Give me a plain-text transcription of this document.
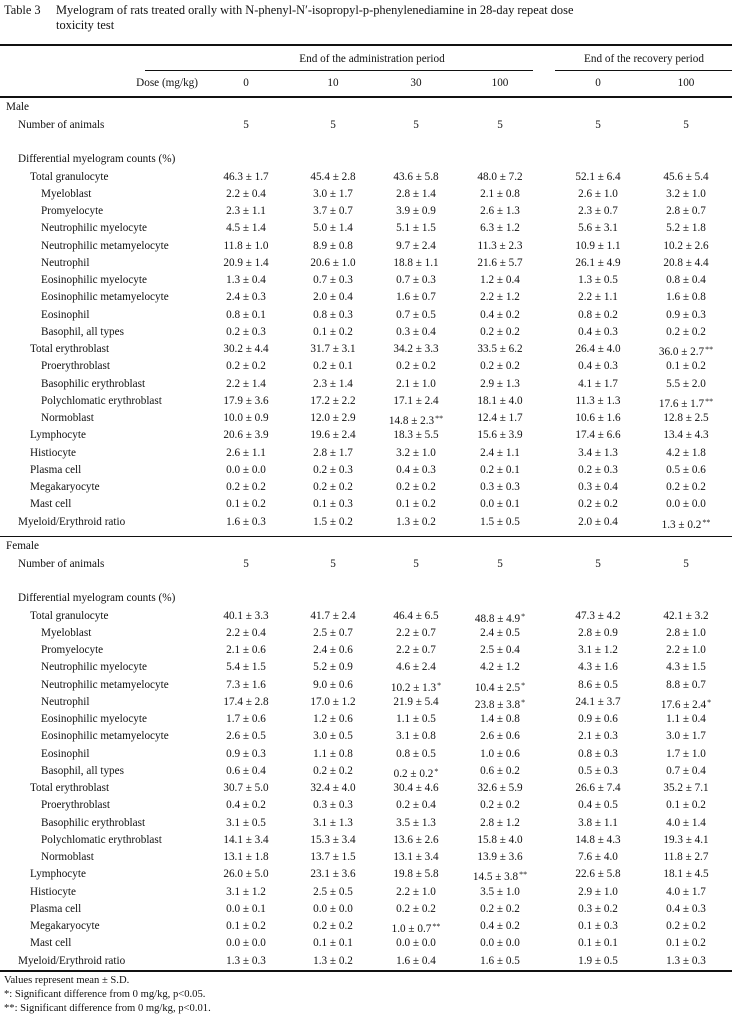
Table 3 Myelogram of rats treated orally with N-phenyl-N′-isopropyl-p-phenylenediamine in 28-day repeat dose
toxicity test
End of the administration period	End of the recovery period
Dose (mg/kg)	0	10	30	100	0	100
Male
Number of animals	5	5	5	5	5	5
Differential myelogram counts (%)
Total granulocyte	46.3 ± 1.7	45.4 ± 2.8	43.6 ± 5.8	48.0 ± 7.2	52.1 ± 6.4	45.6 ± 5.4
Myeloblast	2.2 ± 0.4	3.0 ± 1.7	2.8 ± 1.4	2.1 ± 0.8	2.6 ± 1.0	3.2 ± 1.0
Promyelocyte	2.3 ± 1.1	3.7 ± 0.7	3.9 ± 0.9	2.6 ± 1.3	2.3 ± 0.7	2.8 ± 0.7
Neutrophilic myelocyte	4.5 ± 1.4	5.0 ± 1.4	5.1 ± 1.5	6.3 ± 1.2	5.6 ± 3.1	5.2 ± 1.8
Neutrophilic metamyelocyte	11.8 ± 1.0	8.9 ± 0.8	9.7 ± 2.4	11.3 ± 2.3	10.9 ± 1.1	10.2 ± 2.6
Neutrophil	20.9 ± 1.4	20.6 ± 1.0	18.8 ± 1.1	21.6 ± 5.7	26.1 ± 4.9	20.8 ± 4.4
Eosinophilic myelocyte	1.3 ± 0.4	0.7 ± 0.3	0.7 ± 0.3	1.2 ± 0.4	1.3 ± 0.5	0.8 ± 0.4
Eosinophilic metamyelocyte	2.4 ± 0.3	2.0 ± 0.4	1.6 ± 0.7	2.2 ± 1.2	2.2 ± 1.1	1.6 ± 0.8
Eosinophil	0.8 ± 0.1	0.8 ± 0.3	0.7 ± 0.5	0.4 ± 0.2	0.8 ± 0.2	0.9 ± 0.3
Basophil, all types	0.2 ± 0.3	0.1 ± 0.2	0.3 ± 0.4	0.2 ± 0.2	0.4 ± 0.3	0.2 ± 0.2
Total erythroblast	30.2 ± 4.4	31.7 ± 3.1	34.2 ± 3.3	33.5 ± 6.2	26.4 ± 4.0	36.0 ± 2.7**
Proerythroblast	0.2 ± 0.2	0.2 ± 0.1	0.2 ± 0.2	0.2 ± 0.2	0.4 ± 0.3	0.1 ± 0.2
Basophilic erythroblast	2.2 ± 1.4	2.3 ± 1.4	2.1 ± 1.0	2.9 ± 1.3	4.1 ± 1.7	5.5 ± 2.0
Polychlomatic erythroblast	17.9 ± 3.6	17.2 ± 2.2	17.1 ± 2.4	18.1 ± 4.0	11.3 ± 1.3	17.6 ± 1.7**
Normoblast	10.0 ± 0.9	12.0 ± 2.9	14.8 ± 2.3**	12.4 ± 1.7	10.6 ± 1.6	12.8 ± 2.5
Lymphocyte	20.6 ± 3.9	19.6 ± 2.4	18.3 ± 5.5	15.6 ± 3.9	17.4 ± 6.6	13.4 ± 4.3
Histiocyte	2.6 ± 1.1	2.8 ± 1.7	3.2 ± 1.0	2.4 ± 1.1	3.4 ± 1.3	4.2 ± 1.8
Plasma cell	0.0 ± 0.0	0.2 ± 0.3	0.4 ± 0.3	0.2 ± 0.1	0.2 ± 0.3	0.5 ± 0.6
Megakaryocyte	0.2 ± 0.2	0.2 ± 0.2	0.2 ± 0.2	0.3 ± 0.3	0.3 ± 0.4	0.2 ± 0.2
Mast cell	0.1 ± 0.2	0.1 ± 0.3	0.1 ± 0.2	0.0 ± 0.1	0.2 ± 0.2	0.0 ± 0.0
Myeloid/Erythroid ratio	1.6 ± 0.3	1.5 ± 0.2	1.3 ± 0.2	1.5 ± 0.5	2.0 ± 0.4	1.3 ± 0.2**
Female
Number of animals	5	5	5	5	5	5
Differential myelogram counts (%)
Total granulocyte	40.1 ± 3.3	41.7 ± 2.4	46.4 ± 6.5	48.8 ± 4.9*	47.3 ± 4.2	42.1 ± 3.2
Myeloblast	2.2 ± 0.4	2.5 ± 0.7	2.2 ± 0.7	2.4 ± 0.5	2.8 ± 0.9	2.8 ± 1.0
Promyelocyte	2.1 ± 0.6	2.4 ± 0.6	2.2 ± 0.7	2.5 ± 0.4	3.1 ± 1.2	2.2 ± 1.0
Neutrophilic myelocyte	5.4 ± 1.5	5.2 ± 0.9	4.6 ± 2.4	4.2 ± 1.2	4.3 ± 1.6	4.3 ± 1.5
Neutrophilic metamyelocyte	7.3 ± 1.6	9.0 ± 0.6	10.2 ± 1.3*	10.4 ± 2.5*	8.6 ± 0.5	8.8 ± 0.7
Neutrophil	17.4 ± 2.8	17.0 ± 1.2	21.9 ± 5.4	23.8 ± 3.8*	24.1 ± 3.7	17.6 ± 2.4*
Eosinophilic myelocyte	1.7 ± 0.6	1.2 ± 0.6	1.1 ± 0.5	1.4 ± 0.8	0.9 ± 0.6	1.1 ± 0.4
Eosinophilic metamyelocyte	2.6 ± 0.5	3.0 ± 0.5	3.1 ± 0.8	2.6 ± 0.6	2.1 ± 0.3	3.0 ± 1.7
Eosinophil	0.9 ± 0.3	1.1 ± 0.8	0.8 ± 0.5	1.0 ± 0.6	0.8 ± 0.3	1.7 ± 1.0
Basophil, all types	0.6 ± 0.4	0.2 ± 0.2	0.2 ± 0.2*	0.6 ± 0.2	0.5 ± 0.3	0.7 ± 0.4
Total erythroblast	30.7 ± 5.0	32.4 ± 4.0	30.4 ± 4.6	32.6 ± 5.9	26.6 ± 7.4	35.2 ± 7.1
Proerythroblast	0.4 ± 0.2	0.3 ± 0.3	0.2 ± 0.4	0.2 ± 0.2	0.4 ± 0.5	0.1 ± 0.2
Basophilic erythroblast	3.1 ± 0.5	3.1 ± 1.3	3.5 ± 1.3	2.8 ± 1.2	3.8 ± 1.1	4.0 ± 1.4
Polychlomatic erythroblast	14.1 ± 3.4	15.3 ± 3.4	13.6 ± 2.6	15.8 ± 4.0	14.8 ± 4.3	19.3 ± 4.1
Normoblast	13.1 ± 1.8	13.7 ± 1.5	13.1 ± 3.4	13.9 ± 3.6	7.6 ± 4.0	11.8 ± 2.7
Lymphocyte	26.0 ± 5.0	23.1 ± 3.6	19.8 ± 5.8	14.5 ± 3.8**	22.6 ± 5.8	18.1 ± 4.5
Histiocyte	3.1 ± 1.2	2.5 ± 0.5	2.2 ± 1.0	3.5 ± 1.0	2.9 ± 1.0	4.0 ± 1.7
Plasma cell	0.0 ± 0.1	0.0 ± 0.0	0.2 ± 0.2	0.2 ± 0.2	0.3 ± 0.2	0.4 ± 0.3
Megakaryocyte	0.1 ± 0.2	0.2 ± 0.2	1.0 ± 0.7**	0.4 ± 0.2	0.1 ± 0.3	0.2 ± 0.2
Mast cell	0.0 ± 0.0	0.1 ± 0.1	0.0 ± 0.0	0.0 ± 0.0	0.1 ± 0.1	0.1 ± 0.2
Myeloid/Erythroid ratio	1.3 ± 0.3	1.3 ± 0.2	1.6 ± 0.4	1.6 ± 0.5	1.9 ± 0.5	1.3 ± 0.3
Values represent mean ± S.D.
*: Significant difference from 0 mg/kg, p<0.05.
**: Significant difference from 0 mg/kg, p<0.01.
